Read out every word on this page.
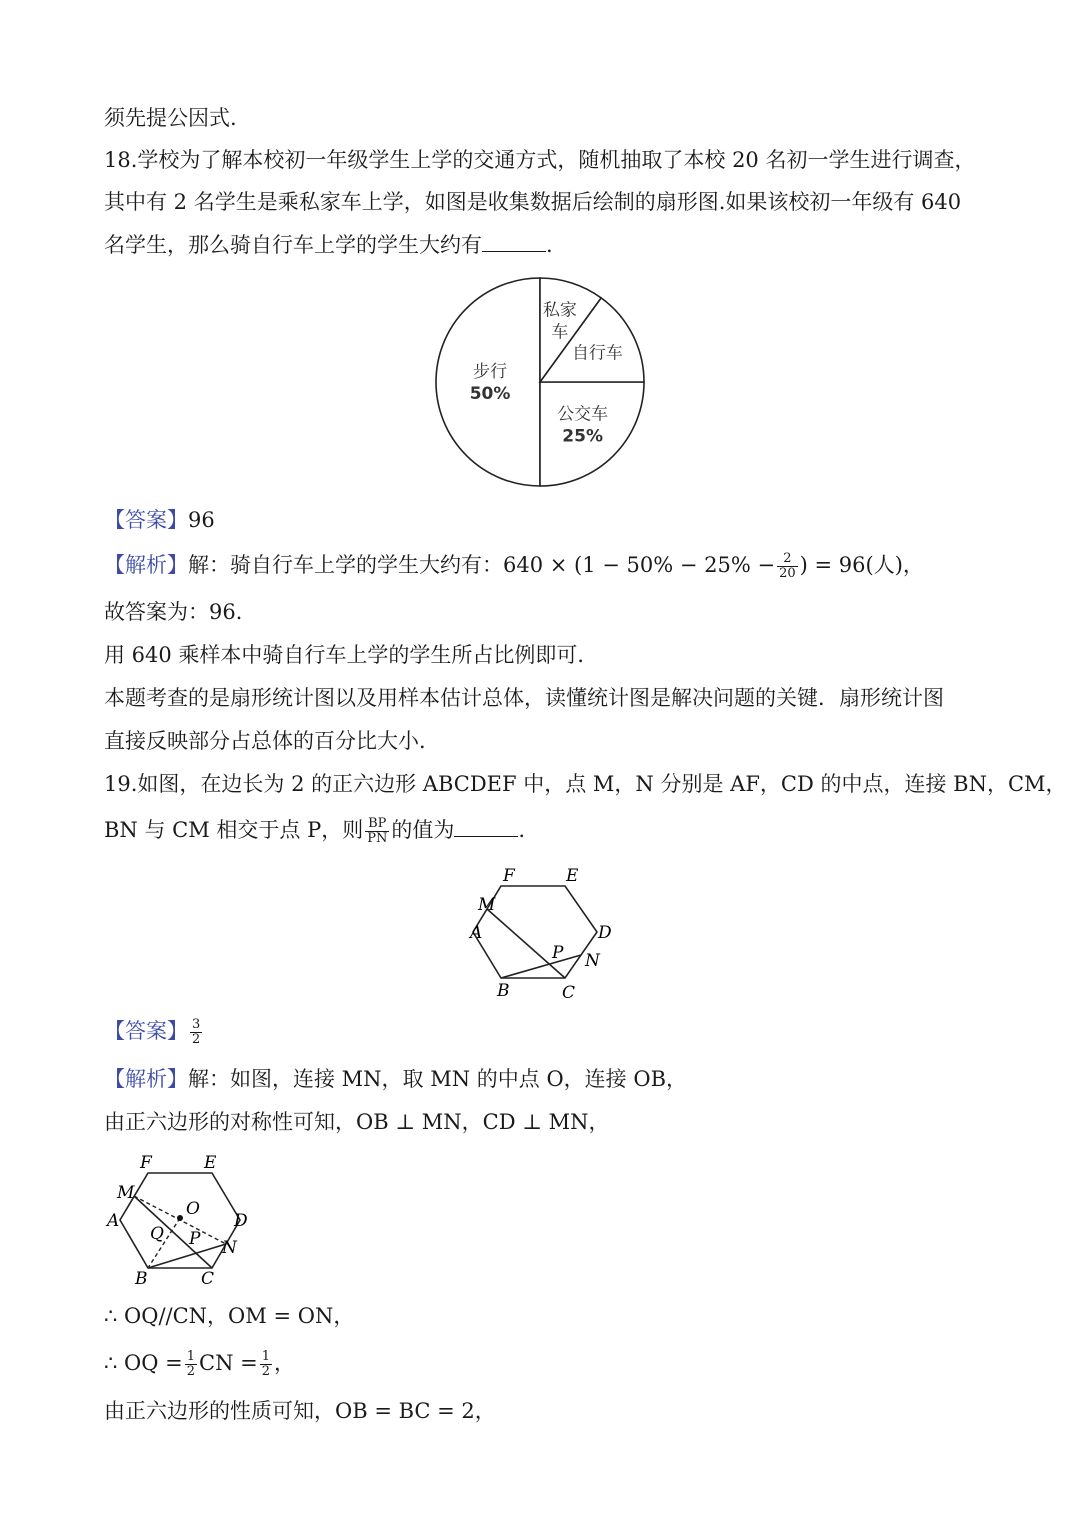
须先提公因式.
18.学校为了解本校初一年级学生上学的交通方式，随机抽取了本校 20 名初一学生进行调查，
其中有 2 名学生是乘私家车上学，如图是收集数据后绘制的扇形图.如果该校初一年级有 640
名学生，那么骑自行车上学的学生大约有	.
步行 50%
公交车 25%
自行车
私家车
【答案】96
【解析】解：骑自行车上学的学生大约有：$640 \times (1 - 50\% - 25\% - \frac{2}{20}$ ) = 96(人)，
故答案为：96．
用 640 乘样本中骑自行车上学的学生所占比例即可．
本题考查的是扇形统计图以及用样本估计总体，读懂统计图是解决问题的关键．扇形统计图
直接反映部分占总体的百分比大小．
19.如图，在边长为 2 的正六边形 ABCDEF 中，点 M，N 分别是 AF，CD 的中点，连接 BN，CM，
BN 与 CM 相交于点 P，则 $\frac{BP}{PN}$ 的值为	.
F	E
M
A	D
P N
B	C
【答案】 $\frac{3}{2}$
【解析】解：如图，连接 MN，取 MN 的中点 O，连接 OB，
由正六边形的对称性可知，OB ⊥ MN，CD ⊥ MN，
F	E
M
A
O
D
Q P N
B	C
∴ OQ//CN，OM = ON，
∴ OQ = $\frac{1}{2}$ CN = $\frac{1}{2}$ ，
由正六边形的性质可知，OB = BC = 2，
